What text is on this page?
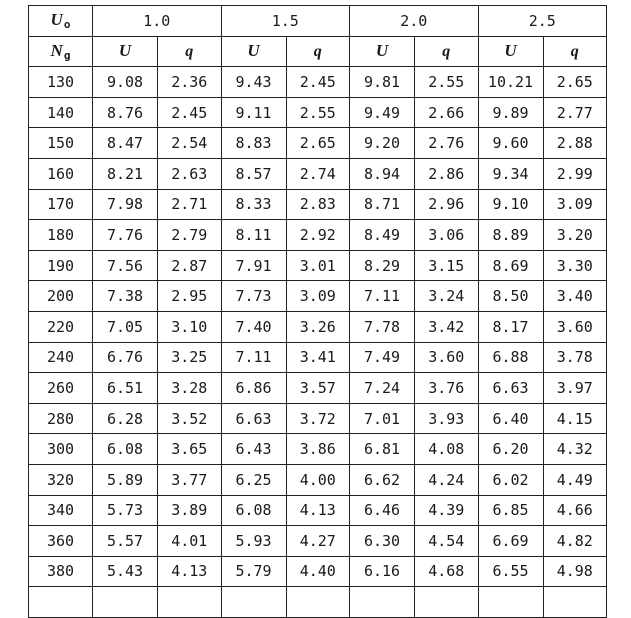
$U_o$	1.0		1.5		2.0		2.5	
$N_g$	U	q	U	q	U	q	U	q
130	9.08	2.36	9.43	2.45	9.81	2.55	10.21	2.65
140	8.76	2.45	9.11	2.55	9.49	2.66	9.89	2.77
150	8.47	2.54	8.83	2.65	9.20	2.76	9.60	2.88
160	8.21	2.63	8.57	2.74	8.94	2.86	9.34	2.99
170	7.98	2.71	8.33	2.83	8.71	2.96	9.10	3.09
180	7.76	2.79	8.11	2.92	8.49	3.06	8.89	3.20
190	7.56	2.87	7.91	3.01	8.29	3.15	8.69	3.30
200	7.38	2.95	7.73	3.09	7.11	3.24	8.50	3.40
220	7.05	3.10	7.40	3.26	7.78	3.42	8.17	3.60
240	6.76	3.25	7.11	3.41	7.49	3.60	6.88	3.78
260	6.51	3.28	6.86	3.57	7.24	3.76	6.63	3.97
280	6.28	3.52	6.63	3.72	7.01	3.93	6.40	4.15
300	6.08	3.65	6.43	3.86	6.81	4.08	6.20	4.32
320	5.89	3.77	6.25	4.00	6.62	4.24	6.02	4.49
340	5.73	3.89	6.08	4.13	6.46	4.39	6.85	4.66
360	5.57	4.01	5.93	4.27	6.30	4.54	6.69	4.82
380	5.43	4.13	5.79	4.40	6.16	4.68	6.55	4.98
